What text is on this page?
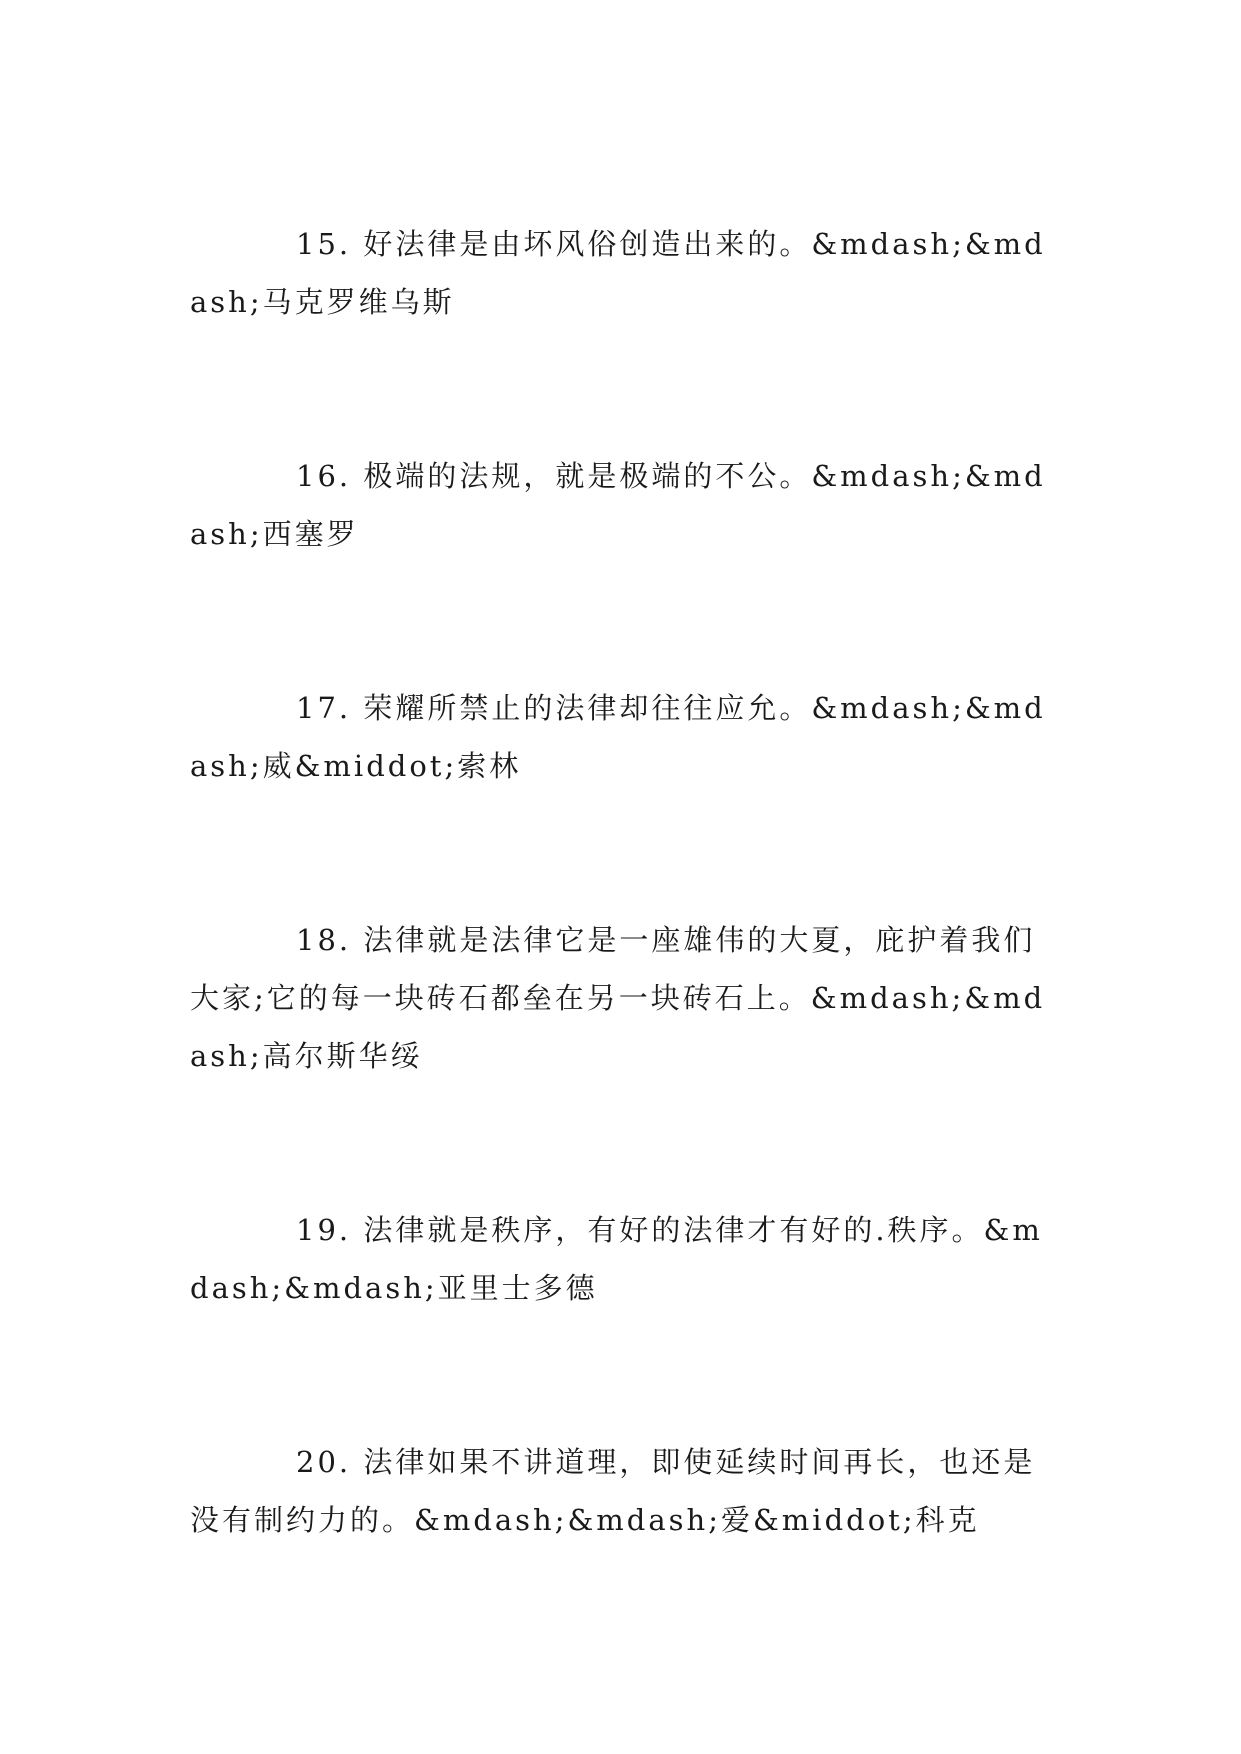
15. 好法律是由坏风俗创造出来的。&mdash;&mdash;马克罗维乌斯

16. 极端的法规，就是极端的不公。&mdash;&mdash;西塞罗

17. 荣耀所禁止的法律却往往应允。&mdash;&mdash;威&middot;索林

18. 法律就是法律它是一座雄伟的大夏，庇护着我们大家;它的每一块砖石都垒在另一块砖石上。&mdash;&mdash;高尔斯华绥

19. 法律就是秩序，有好的法律才有好的.秩序。&mdash;&mdash;亚里士多德

20. 法律如果不讲道理，即使延续时间再长，也还是没有制约力的。&mdash;&mdash;爱&middot;科克
